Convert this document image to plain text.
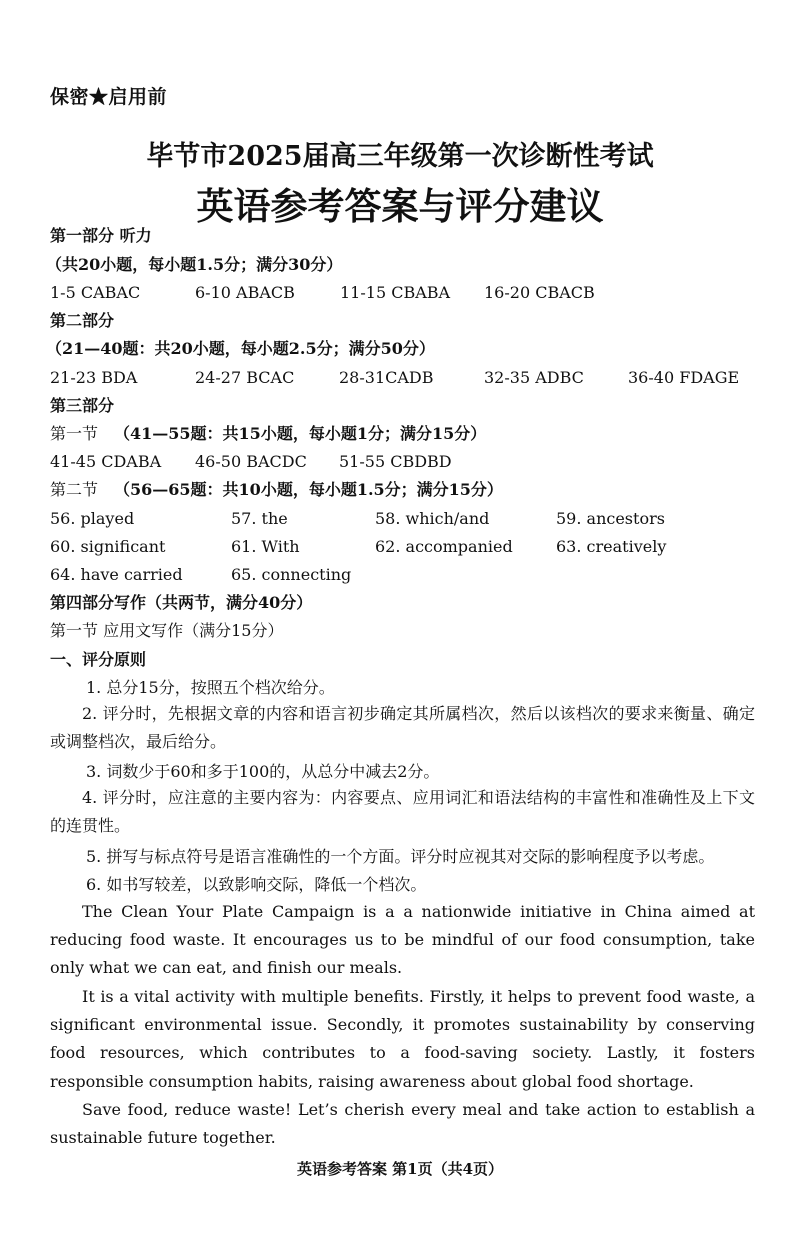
保密★启用前
毕节市2025届高三年级第一次诊断性考试
英语参考答案与评分建议
第一部分 听力
（共20小题，每小题1.5分；满分30分）
1-5 CABAC	6-10 ABACB	11-15 CBABA 16-20 CBACB
第二部分
（21—40题：共20小题，每小题2.5分；满分50分）
21-23 BDA	24-27 BCAC	28-31CADB	32-35 ADBC	36-40 FDAGE
第三部分
第一节 （41—55题：共15小题，每小题1分；满分15分）
41-45 CDABA 46-50 BACDC 51-55 CBDBD
第二节 （56—65题：共10小题，每小题1.5分；满分15分）
56. played	57. the	58. which/and	59. ancestors
60. significant	61. With	62. accompanied	63. creatively
64. have carried	65. connecting
第四部分写作（共两节，满分40分）
第一节 应用文写作（满分15分）
一、评分原则
1. 总分15分，按照五个档次给分。
2. 评分时，先根据文章的内容和语言初步确定其所属档次，然后以该档次的要求来衡量、确定或调整档次，最后给分。
3. 词数少于60和多于100的，从总分中减去2分。
4. 评分时，应注意的主要内容为：内容要点、应用词汇和语法结构的丰富性和准确性及上下文的连贯性。
5. 拼写与标点符号是语言准确性的一个方面。评分时应视其对交际的影响程度予以考虑。
6. 如书写较差，以致影响交际，降低一个档次。
The Clean Your Plate Campaign is a a nationwide initiative in China aimed at reducing food waste. It encourages us to be mindful of our food consumption, take only what we can eat, and finish our meals.
It is a vital activity with multiple benefits. Firstly, it helps to prevent food waste, a significant environmental issue. Secondly, it promotes sustainability by conserving food resources, which contributes to a food-saving society. Lastly, it fosters responsible consumption habits, raising awareness about global food shortage.
Save food, reduce waste! Let’s cherish every meal and take action to establish a sustainable future together.
英语参考答案 第1页（共4页）
